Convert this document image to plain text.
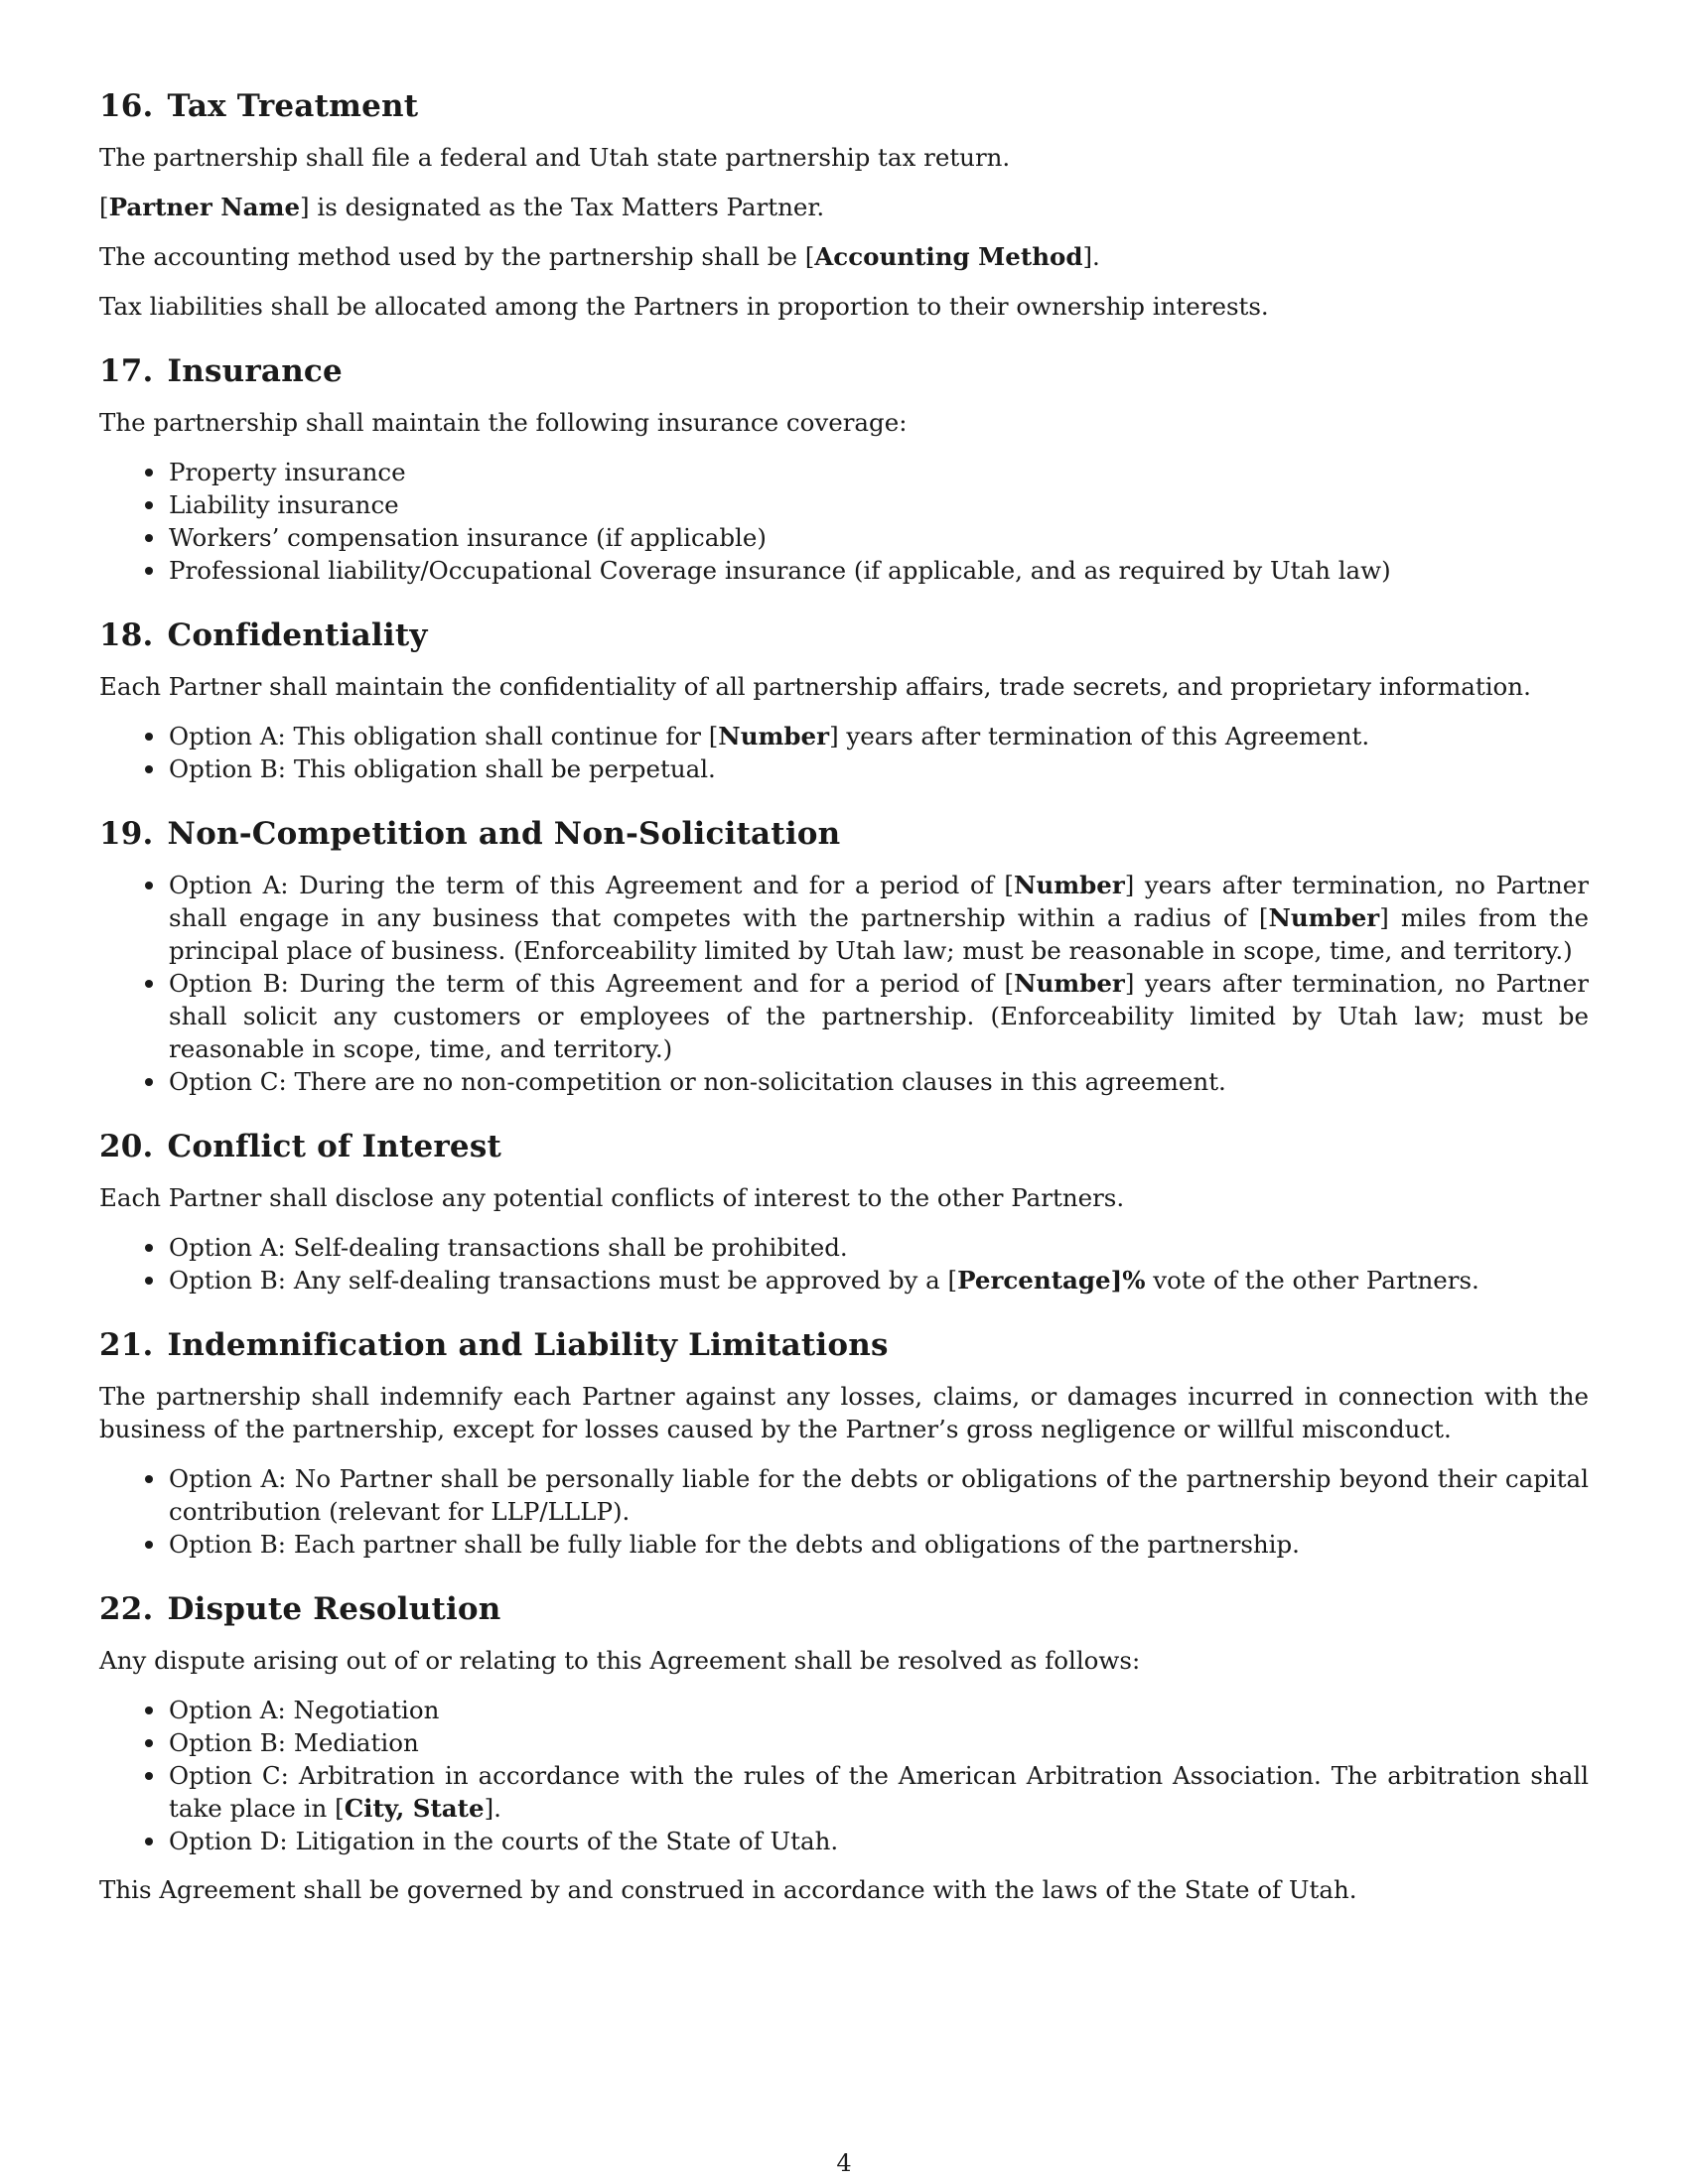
16. Tax Treatment

The partnership shall file a federal and Utah state partnership tax return.

[Partner Name] is designated as the Tax Matters Partner.

The accounting method used by the partnership shall be [Accounting Method].

Tax liabilities shall be allocated among the Partners in proportion to their ownership interests.

17. Insurance

The partnership shall maintain the following insurance coverage:

Property insurance
Liability insurance
Workers’ compensation insurance (if applicable)
Professional liability/Occupational Coverage insurance (if applicable, and as required by Utah law)
18. Confidentiality

Each Partner shall maintain the confidentiality of all partnership affairs, trade secrets, and proprietary information.

Option A: This obligation shall continue for [Number] years after termination of this Agreement.
Option B: This obligation shall be perpetual.
19. Non-Competition and Non-Solicitation
Option A: During the term of this Agreement and for a period of [Number] years after termination, no Partner shall engage in any business that competes with the partnership within a radius of [Number] miles from the principal place of business. (Enforceability limited by Utah law; must be reasonable in scope, time, and territory.)
Option B: During the term of this Agreement and for a period of [Number] years after termination, no Partner shall solicit any customers or employees of the partnership. (Enforceability limited by Utah law; must be reasonable in scope, time, and territory.)
Option C: There are no non-competition or non-solicitation clauses in this agreement.
20. Conflict of Interest

Each Partner shall disclose any potential conflicts of interest to the other Partners.

Option A: Self-dealing transactions shall be prohibited.
Option B: Any self-dealing transactions must be approved by a [Percentage]% vote of the other Partners.
21. Indemnification and Liability Limitations

The partnership shall indemnify each Partner against any losses, claims, or damages incurred in connection with the business of the partnership, except for losses caused by the Partner’s gross negligence or willful misconduct.

Option A: No Partner shall be personally liable for the debts or obligations of the partnership beyond their capital contribution (relevant for LLP/LLLP).
Option B: Each partner shall be fully liable for the debts and obligations of the partnership.
22. Dispute Resolution

Any dispute arising out of or relating to this Agreement shall be resolved as follows:

Option A: Negotiation
Option B: Mediation
Option C: Arbitration in accordance with the rules of the American Arbitration Association. The arbitration shall take place in [City, State].
Option D: Litigation in the courts of the State of Utah.

This Agreement shall be governed by and construed in accordance with the laws of the State of Utah.

4
